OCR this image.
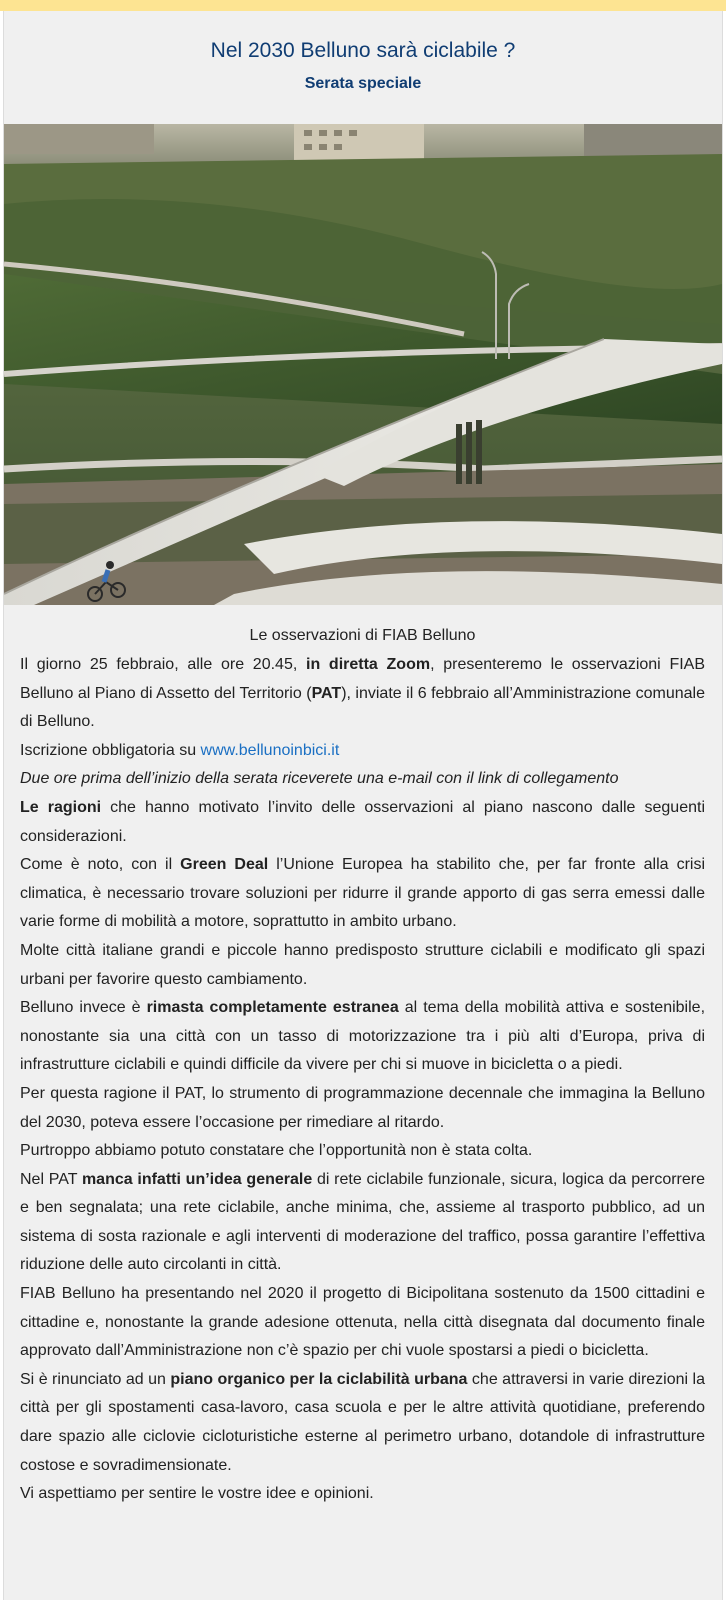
Nel 2030 Belluno sarà ciclabile ?
Serata speciale

Le osservazioni di FIAB Belluno

Il giorno 25 febbraio, alle ore 20.45, in diretta Zoom, presenteremo le osservazioni FIAB Belluno al Piano di Assetto del Territorio (PAT), inviate il 6 febbraio all’Amministrazione comunale di Belluno.

Iscrizione obbligatoria su www.bellunoinbici.it

Due ore prima dell’inizio della serata riceverete una e-mail con il link di collegamento

Le ragioni che hanno motivato l’invito delle osservazioni al piano nascono dalle seguenti considerazioni.

Come è noto, con il Green Deal l’Unione Europea ha stabilito che, per far fronte alla crisi climatica, è necessario trovare soluzioni per ridurre il grande apporto di gas serra emessi dalle varie forme di mobilità a motore, soprattutto in ambito urbano.

Molte città italiane grandi e piccole hanno predisposto strutture ciclabili e modificato gli spazi urbani per favorire questo cambiamento.

Belluno invece è rimasta completamente estranea al tema della mobilità attiva e sostenibile, nonostante sia una città con un tasso di motorizzazione tra i più alti d’Europa, priva di infrastrutture ciclabili e quindi difficile da vivere per chi si muove in bicicletta o a piedi.

Per questa ragione il PAT, lo strumento di programmazione decennale che immagina la Belluno del 2030, poteva essere l’occasione per rimediare al ritardo.

Purtroppo abbiamo potuto constatare che l’opportunità non è stata colta.

Nel PAT manca infatti un’idea generale di rete ciclabile funzionale, sicura, logica da percorrere e ben segnalata; una rete ciclabile, anche minima, che, assieme al trasporto pubblico, ad un sistema di sosta razionale e agli interventi di moderazione del traffico, possa garantire l’effettiva riduzione delle auto circolanti in città.

FIAB Belluno ha presentando nel 2020 il progetto di Bicipolitana sostenuto da 1500 cittadini e cittadine e, nonostante la grande adesione ottenuta, nella città disegnata dal documento finale approvato dall’Amministrazione non c’è spazio per chi vuole spostarsi a piedi o bicicletta.

Si è rinunciato ad un piano organico per la ciclabilità urbana che attraversi in varie direzioni la città per gli spostamenti casa-lavoro, casa scuola e per le altre attività quotidiane, preferendo dare spazio alle ciclovie cicloturistiche esterne al perimetro urbano, dotandole di infrastrutture costose e sovradimensionate.

Vi aspettiamo per sentire le vostre idee e opinioni.
